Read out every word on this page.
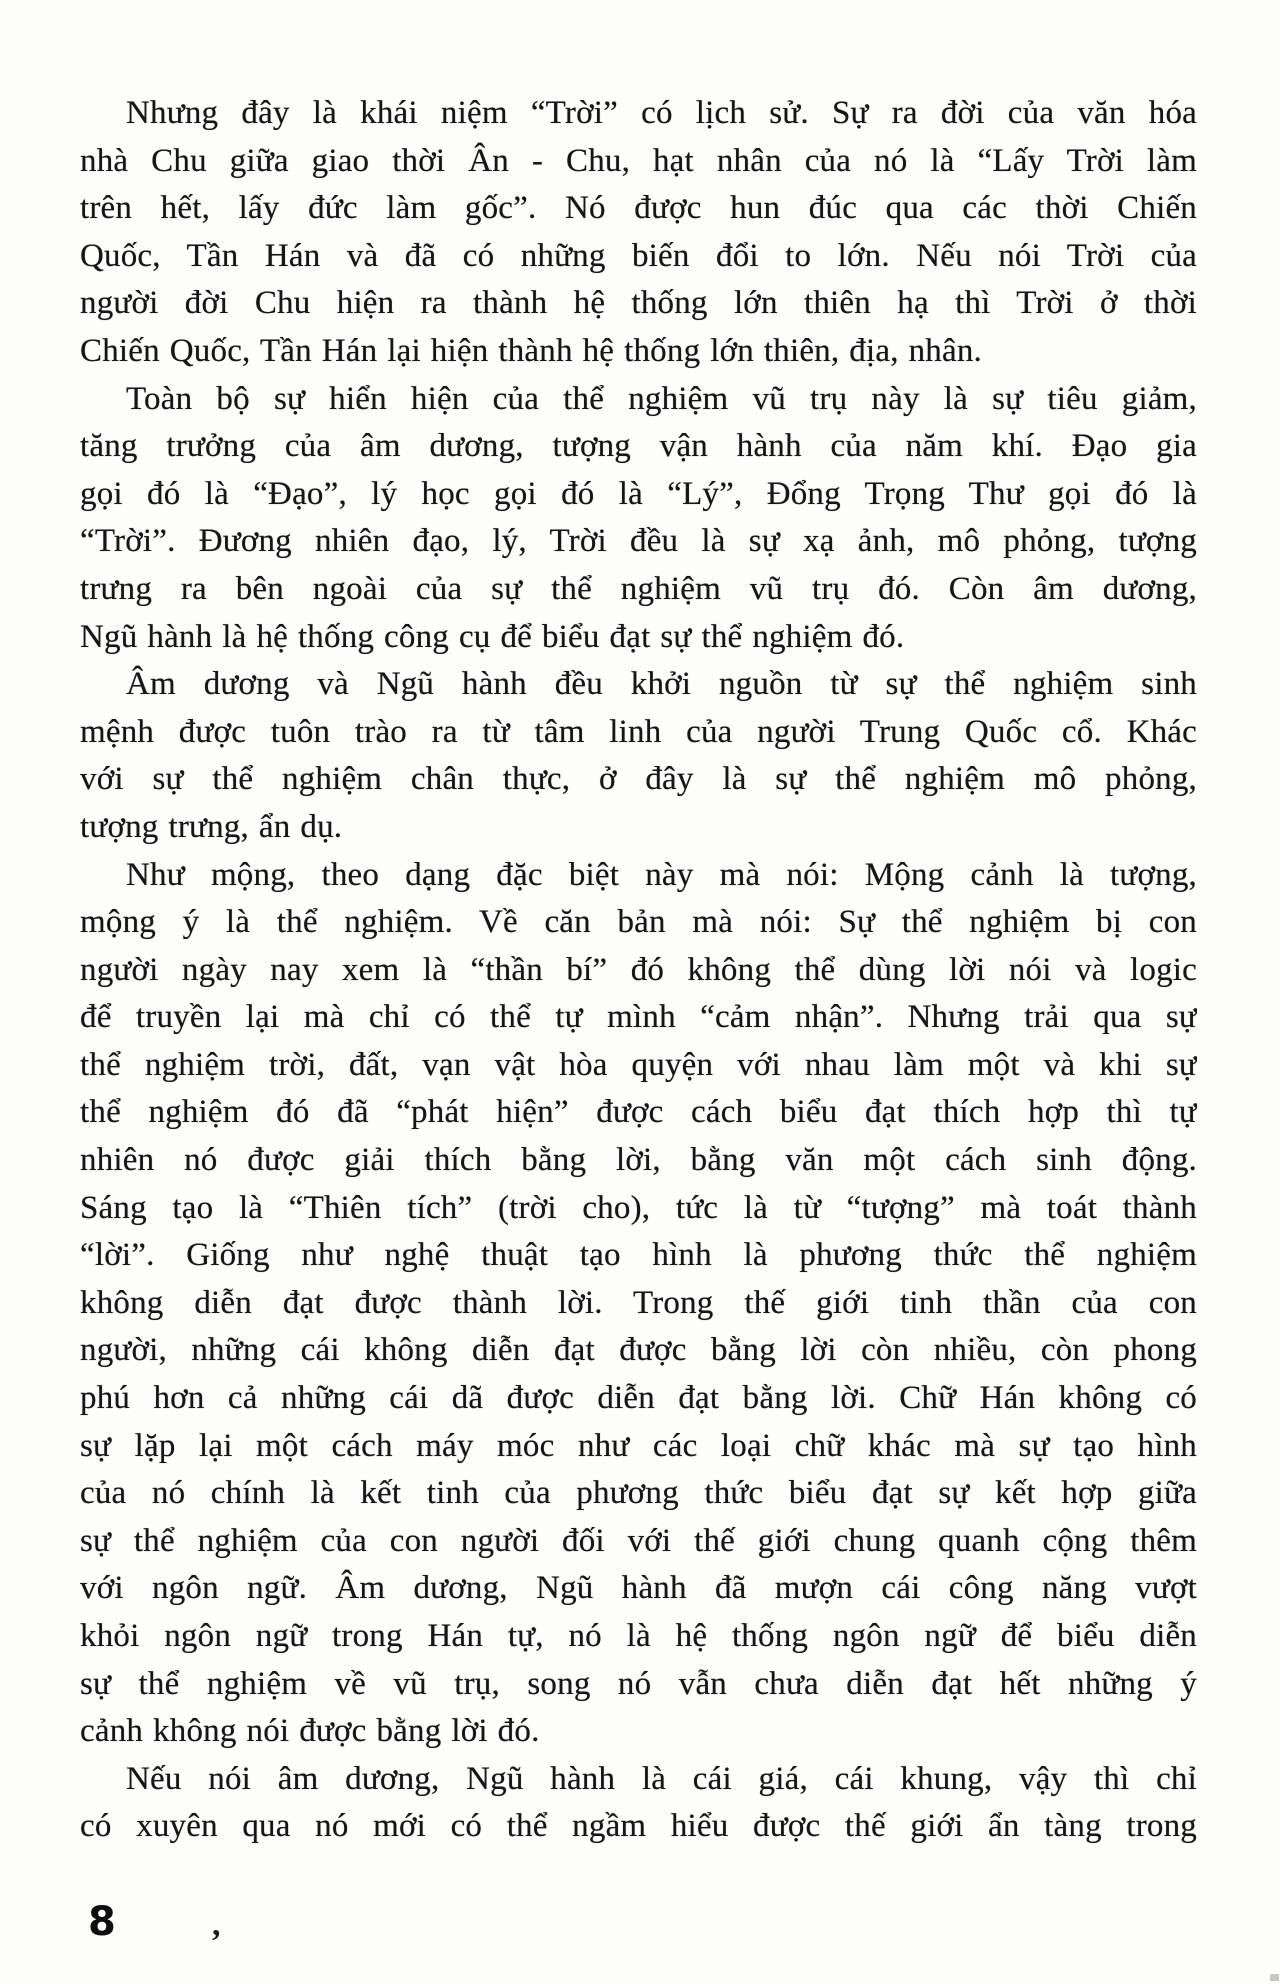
Nhưng đây là khái niệm “Trời” có lịch sử. Sự ra đời của văn hóa
nhà Chu giữa giao thời Ân - Chu, hạt nhân của nó là “Lấy Trời làm
trên hết, lấy đức làm gốc”. Nó được hun đúc qua các thời Chiến
Quốc, Tần Hán và đã có những biến đổi to lớn. Nếu nói Trời của
người đời Chu hiện ra thành hệ thống lớn thiên hạ thì Trời ở thời
Chiến Quốc, Tần Hán lại hiện thành hệ thống lớn thiên, địa, nhân.
Toàn bộ sự hiển hiện của thể nghiệm vũ trụ này là sự tiêu giảm,
tăng trưởng của âm dương, tượng vận hành của năm khí. Đạo gia
gọi đó là “Đạo”, lý học gọi đó là “Lý”, Đổng Trọng Thư gọi đó là
“Trời”. Đương nhiên đạo, lý, Trời đều là sự xạ ảnh, mô phỏng, tượng
trưng ra bên ngoài của sự thể nghiệm vũ trụ đó. Còn âm dương,
Ngũ hành là hệ thống công cụ để biểu đạt sự thể nghiệm đó.
Âm dương và Ngũ hành đều khởi nguồn từ sự thể nghiệm sinh
mệnh được tuôn trào ra từ tâm linh của người Trung Quốc cổ. Khác
với sự thể nghiệm chân thực, ở đây là sự thể nghiệm mô phỏng,
tượng trưng, ẩn dụ.
Như mộng, theo dạng đặc biệt này mà nói: Mộng cảnh là tượng,
mộng ý là thể nghiệm. Về căn bản mà nói: Sự thể nghiệm bị con
người ngày nay xem là “thần bí” đó không thể dùng lời nói và logic
để truyền lại mà chỉ có thể tự mình “cảm nhận”. Nhưng trải qua sự
thể nghiệm trời, đất, vạn vật hòa quyện với nhau làm một và khi sự
thể nghiệm đó đã “phát hiện” được cách biểu đạt thích hợp thì tự
nhiên nó được giải thích bằng lời, bằng văn một cách sinh động.
Sáng tạo là “Thiên tích” (trời cho), tức là từ “tượng” mà toát thành
“lời”. Giống như nghệ thuật tạo hình là phương thức thể nghiệm
không diễn đạt được thành lời. Trong thế giới tinh thần của con
người, những cái không diễn đạt được bằng lời còn nhiều, còn phong
phú hơn cả những cái dã được diễn đạt bằng lời. Chữ Hán không có
sự lặp lại một cách máy móc như các loại chữ khác mà sự tạo hình
của nó chính là kết tinh của phương thức biểu đạt sự kết hợp giữa
sự thể nghiệm của con người đối với thế giới chung quanh cộng thêm
với ngôn ngữ. Âm dương, Ngũ hành đã mượn cái công năng vượt
khỏi ngôn ngữ trong Hán tự, nó là hệ thống ngôn ngữ để biểu diễn
sự thể nghiệm về vũ trụ, song nó vẫn chưa diễn đạt hết những ý
cảnh không nói được bằng lời đó.
Nếu nói âm dương, Ngũ hành là cái giá, cái khung, vậy thì chỉ
có xuyên qua nó mới có thể ngầm hiểu được thế giới ẩn tàng trong
8	,
